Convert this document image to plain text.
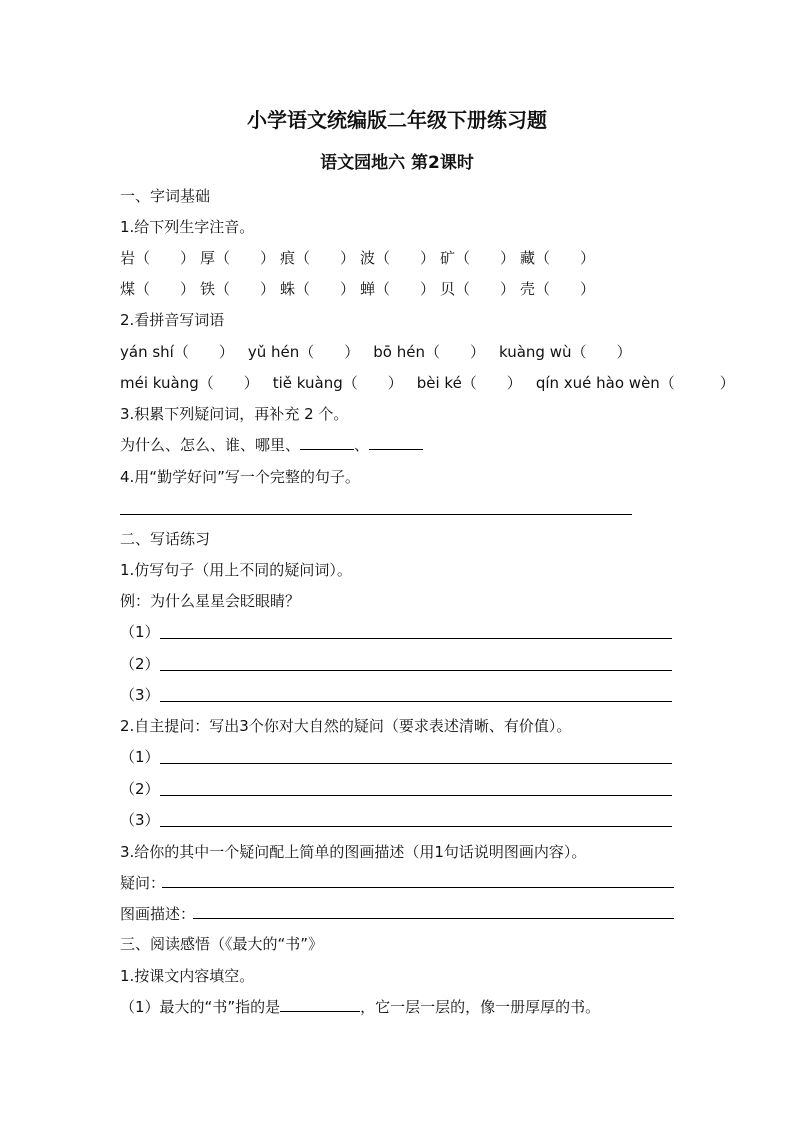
小学语文统编版二年级下册练习题
语文园地六 第2课时
一、字词基础
1.给下列生字注音。
岩（　　） 厚（　　） 痕（　　） 波（　　） 矿（　　） 藏（　　）
煤（　　） 铁（　　） 蛛（　　） 蝉（　　） 贝（　　） 壳（　　）
2.看拼音写词语
yán shí（　　） yǔ hén（　　） bō hén（　　） kuàng wù（　　）
méi kuàng（　　） tiě kuàng（　　） bèi ké（　　） qín xué hào wèn（　　　）
3.积累下列疑问词，再补充 2 个。
为什么、怎么、谁、哪里、	、
4.用“勤学好问”写一个完整的句子。
二、写话练习
1.仿写句子（用上不同的疑问词）。
例：为什么星星会眨眼睛？
（1）
（2）
（3）
2.自主提问：写出3个你对大自然的疑问（要求表述清晰、有价值）。
（1）
（2）
（3）
3.给你的其中一个疑问配上简单的图画描述（用1句话说明图画内容）。
疑问：
图画描述：
三、阅读感悟（《最大的“书”》
1.按课文内容填空。
（1）最大的“书”指的是	，它一层一层的，像一册厚厚的书。
